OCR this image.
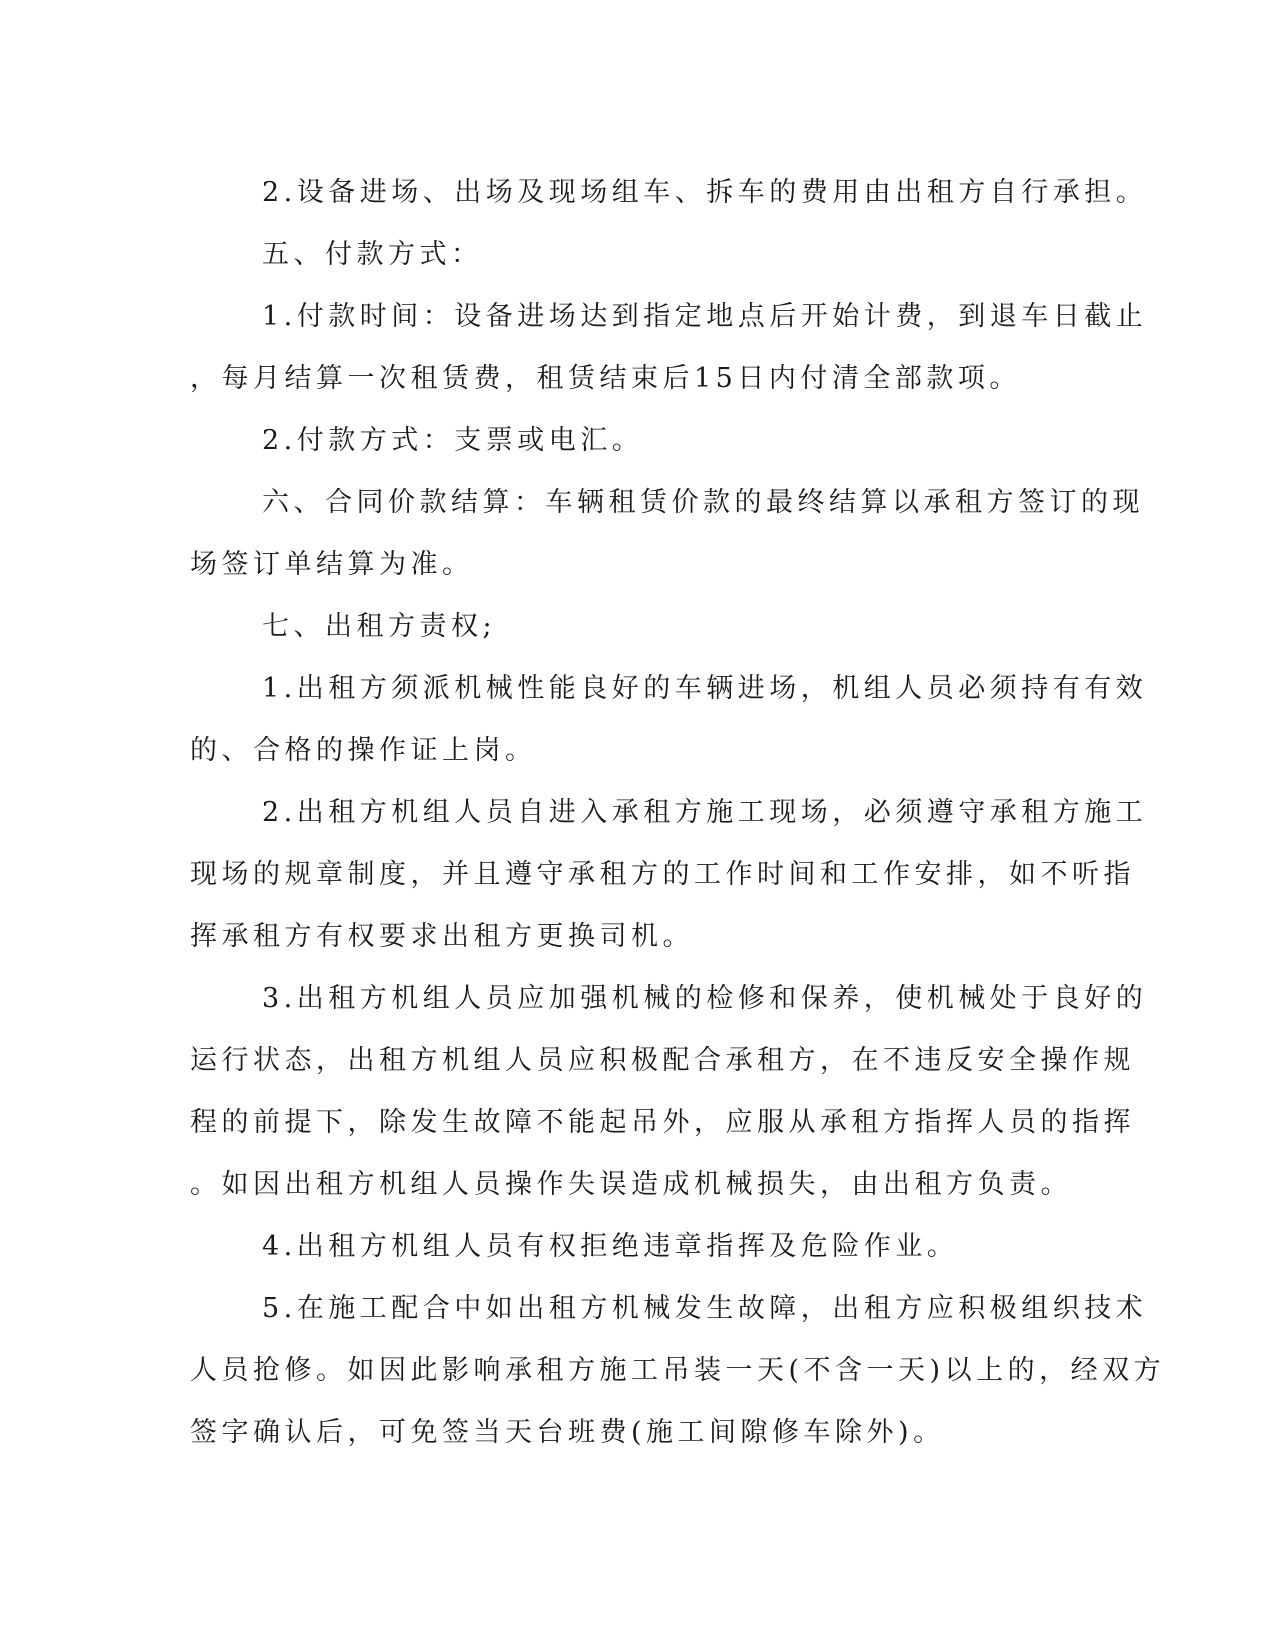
2.设备进场、出场及现场组车、拆车的费用由出租方自行承担。
五、付款方式：
1.付款时间：设备进场达到指定地点后开始计费，到退车日截止
，每月结算一次租赁费，租赁结束后15日内付清全部款项。
2.付款方式：支票或电汇。
六、合同价款结算：车辆租赁价款的最终结算以承租方签订的现
场签订单结算为准。
七、出租方责权;
1.出租方须派机械性能良好的车辆进场，机组人员必须持有有效
的、合格的操作证上岗。
2.出租方机组人员自进入承租方施工现场，必须遵守承租方施工
现场的规章制度，并且遵守承租方的工作时间和工作安排，如不听指
挥承租方有权要求出租方更换司机。
3.出租方机组人员应加强机械的检修和保养，使机械处于良好的
运行状态，出租方机组人员应积极配合承租方，在不违反安全操作规
程的前提下，除发生故障不能起吊外，应服从承租方指挥人员的指挥
。如因出租方机组人员操作失误造成机械损失，由出租方负责。
4.出租方机组人员有权拒绝违章指挥及危险作业。
5.在施工配合中如出租方机械发生故障，出租方应积极组织技术
人员抢修。如因此影响承租方施工吊装一天(不含一天)以上的，经双方
签字确认后，可免签当天台班费(施工间隙修车除外)。
